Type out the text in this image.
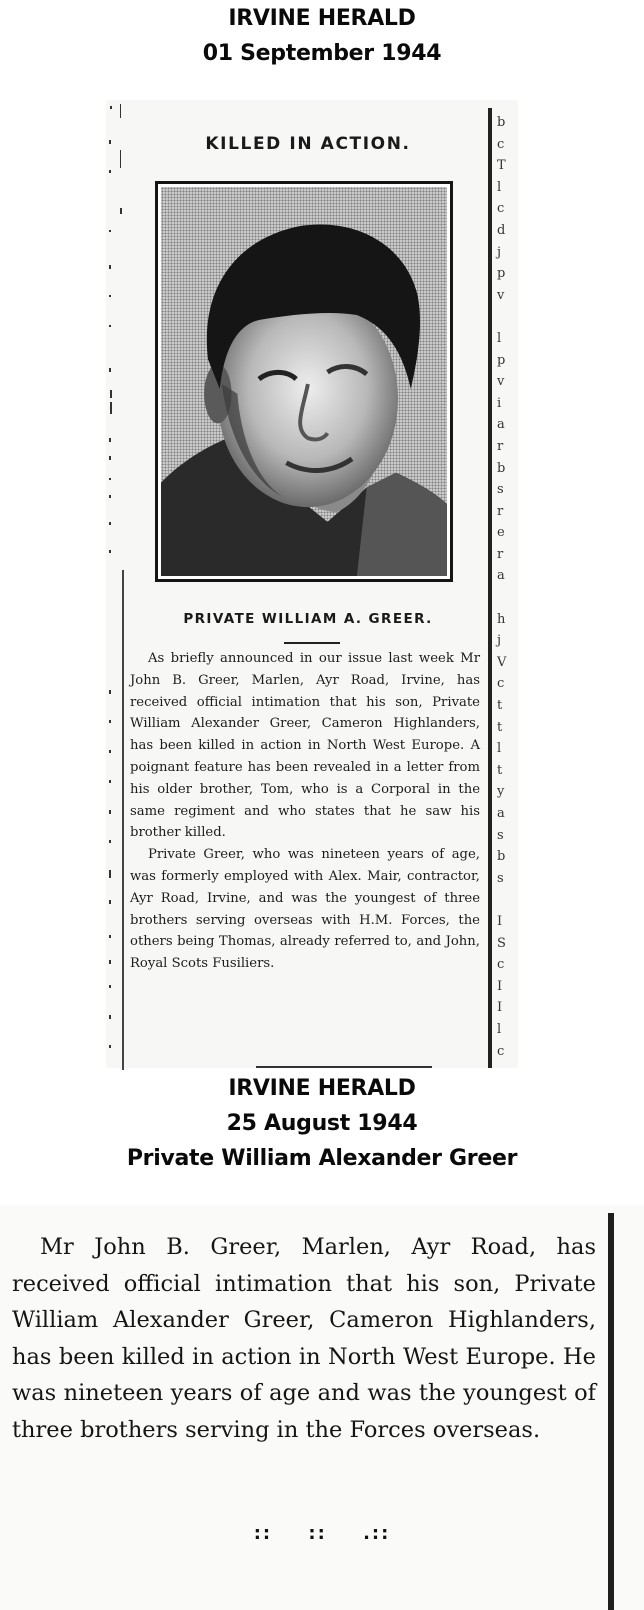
IRVINE HERALD
01 September 1944
b
c
T
l
c
d
j
p
v
l
p
v
i
a
r
b
s
r
e
r
a
h
j
V
c
t
t
l
t
y
a
s
b
s
I
S
c
I
I
l
c
KILLED IN ACTION.
PRIVATE WILLIAM A. GREER.

As briefly announced in our issue last week Mr John B. Greer, Marlen, Ayr Road, Irvine, has received official intimation that his son, Private William Alexander Greer, Cameron Highlanders, has been killed in action in North West Europe. A poignant feature has been revealed in a letter from his older brother, Tom, who is a Corporal in the same regiment and who states that he saw his brother killed.

Private Greer, who was nineteen years of age, was formerly employed with Alex. Mair, contractor, Ayr Road, Irvine, and was the youngest of three brothers serving overseas with H.M. Forces, the others being Thomas, already referred to, and John, Royal Scots Fusiliers.

IRVINE HERALD
25 August 1944
Private William Alexander Greer

Mr John B. Greer, Marlen, Ayr Road, has received official intimation that his son, Private William Alexander Greer, Cameron Highlanders, has been killed in action in North West Europe. He was nineteen years of age and was the youngest of three brothers serving in the Forces overseas.

:: :: .::
